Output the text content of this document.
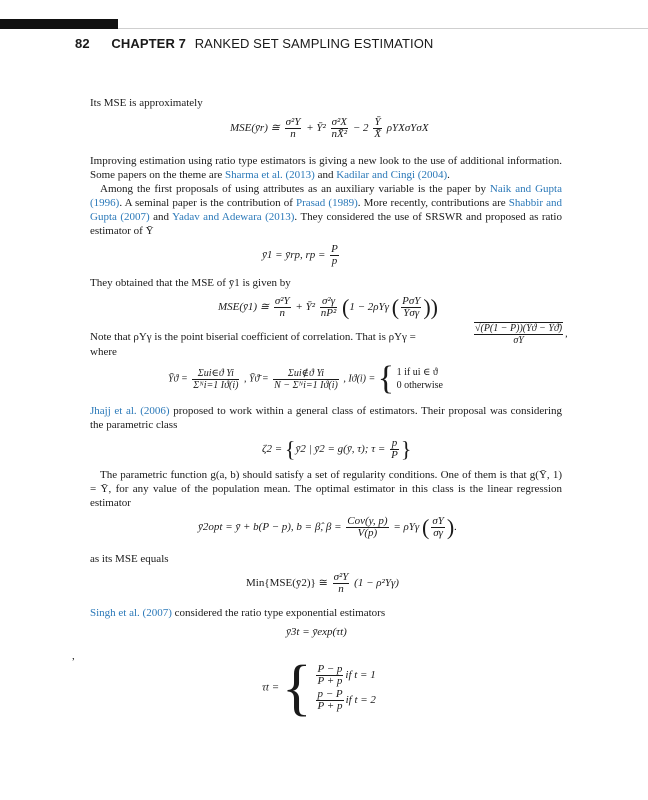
82 CHAPTER 7 RANKED SET SAMPLING ESTIMATION
Its MSE is approximately
MSE(ȳr) ≅ $\frac{\text{σ²Y}}{n}$ + Ȳ² $\frac{\text{σ²X}}{\text{nX̄²}} - 2 \frac{Ȳ}{X̄}$ ρYXσYσX
Improving estimation using ratio type estimators is giving a new look to the use of additional information. Some papers on the theme are Sharma et al. (2013) and Kadilar and Cingi (2004).
Among the first proposals of using attributes as an auxiliary variable is the paper by Naik and Gupta (1996). A seminal paper is the contribution of Prasad (1989). More recently, contributions are Shabbir and Gupta (2007) and Yadav and Adewara (2013). They considered the use of SRSWR and proposed as ratio estimator of Ȳ
ȳ1 = ȳrp, rp = $\frac{P}{p}$
They obtained that the MSE of ȳ1 is given by
MSE(ȳ1) ≅ $\frac{\text{σ²Y}}{n}$ + Ȳ² $\frac{\text{σ²γ}}{\text{nP²}} (1 - 2\rho Y\gamma$ ( $\frac{\text{PσY}}{\text{Ȳσγ}}$ ))
Note that ρYγ is the point biserial coefficient of correlation. That is ρYγ =	$\frac{√(P(1 - P))(Ȳϑ - Ȳϑ̄)}{\sigma Y}$ ,
where
Ȳϑ = $\frac{\text{Σui∈ϑ Yi}}{\text{Σᴺi=1 Iϑ(i)}}$ , Ȳϑ̄ = $\frac{\text{Σui∉ϑ Yi}}{\text{N − Σᴺi=1 Iϑ(i)}}$ , Iϑ(i) = { 1 if ui ∈ ϑ
0 otherwise
Jhajj et al. (2006) proposed to work within a general class of estimators. Their proposal was considering the parametric class
ζ2 = {ȳ2 | ȳ2 = g(ȳ, τ); $\tau = \frac{p}{P}$ }
The parametric function g(a, b) should satisfy a set of regularity conditions. One of them is that g(Ȳ, 1) = Ȳ, for any value of the population mean. The optimal estimator in this class is the linear regression estimator
ȳ2opt = ȳ + b(P − p), b = β̂, $\beta = \frac{\text{Cov(y, p)}}{V(p)} = \rho Y\gamma$ ( $\frac{\sigma Y}{\sigma\gamma}$ ).
as its MSE equals
Min{MSE(ȳ2)} ≅ $\frac{\text{σ²Y}}{n} (1 - \rho^2Y\gamma)$
Singh et al. (2007) considered the ratio type exponential estimators
ȳ3t = ȳexp(τt)
,
τt = { $\frac{P - p}{P + p}$ if t = 1
$\frac{p - P}{P + p}$ if t = 2
